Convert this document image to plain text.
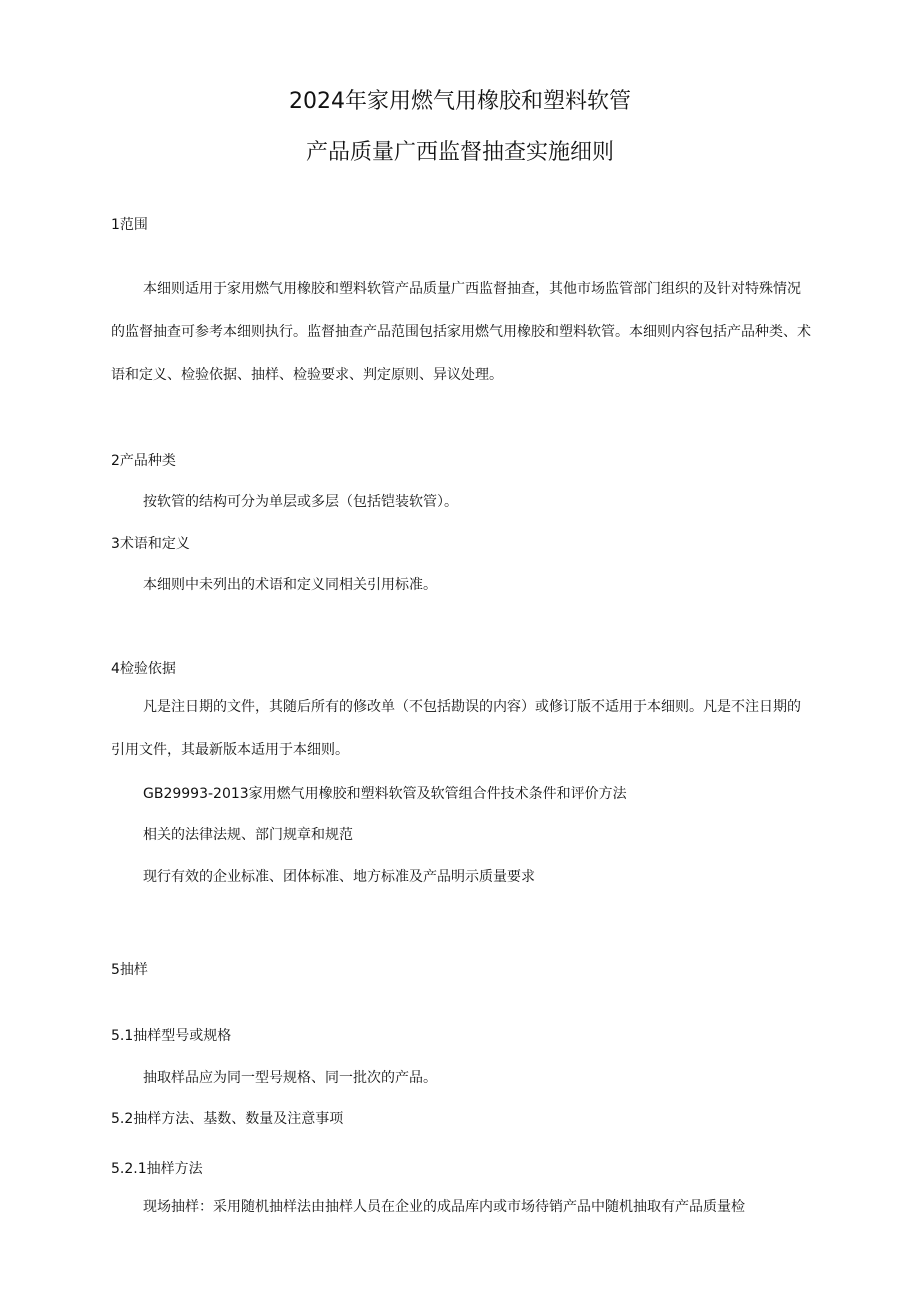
2024年家用燃气用橡胶和塑料软管
产品质量广西监督抽查实施细则
1范围
本细则适用于家用燃气用橡胶和塑料软管产品质量广西监督抽查，其他市场监管部门组织的及针对特殊情况的监督抽查可参考本细则执行。监督抽查产品范围包括家用燃气用橡胶和塑料软管。本细则内容包括产品种类、术语和定义、检验依据、抽样、检验要求、判定原则、异议处理。
2产品种类
按软管的结构可分为单层或多层（包括铠装软管）。
3术语和定义
本细则中未列出的术语和定义同相关引用标准。
4检验依据
凡是注日期的文件，其随后所有的修改单（不包括勘误的内容）或修订版不适用于本细则。凡是不注日期的引用文件，其最新版本适用于本细则。
GB29993-2013家用燃气用橡胶和塑料软管及软管组合件技术条件和评价方法
相关的法律法规、部门规章和规范
现行有效的企业标准、团体标准、地方标准及产品明示质量要求
5抽样
5.1抽样型号或规格
抽取样品应为同一型号规格、同一批次的产品。
5.2抽样方法、基数、数量及注意事项
5.2.1抽样方法
现场抽样：采用随机抽样法由抽样人员在企业的成品库内或市场待销产品中随机抽取有产品质量检
